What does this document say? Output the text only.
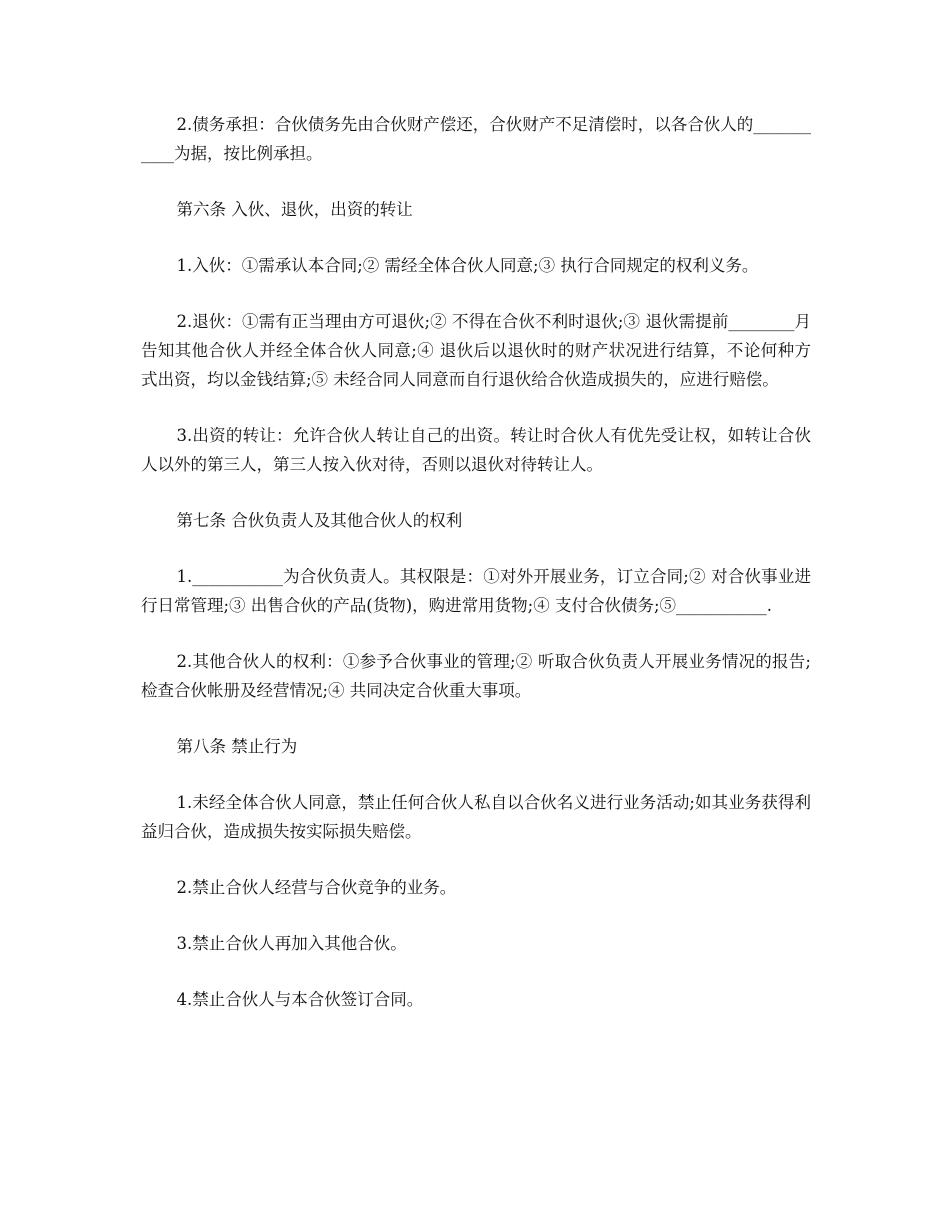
2.债务承担：合伙债务先由合伙财产偿还，合伙财产不足清偿时，以各合伙人的___________为据，按比例承担。

第六条 入伙、退伙，出资的转让

1.入伙：①需承认本合同;② 需经全体合伙人同意;③ 执行合同规定的权利义务。

2.退伙：①需有正当理由方可退伙;② 不得在合伙不利时退伙;③ 退伙需提前________月告知其他合伙人并经全体合伙人同意;④ 退伙后以退伙时的财产状况进行结算，不论何种方式出资，均以金钱结算;⑤ 未经合同人同意而自行退伙给合伙造成损失的，应进行赔偿。

3.出资的转让：允许合伙人转让自己的出资。转让时合伙人有优先受让权，如转让合伙人以外的第三人，第三人按入伙对待，否则以退伙对待转让人。

第七条 合伙负责人及其他合伙人的权利

1.___________为合伙负责人。其权限是：①对外开展业务，订立合同;② 对合伙事业进行日常管理;③ 出售合伙的产品(货物)，购进常用货物;④ 支付合伙债务;⑤___________.

2.其他合伙人的权利：①参予合伙事业的管理;② 听取合伙负责人开展业务情况的报告;检查合伙帐册及经营情况;④ 共同决定合伙重大事项。

第八条 禁止行为

1.未经全体合伙人同意，禁止任何合伙人私自以合伙名义进行业务活动;如其业务获得利益归合伙，造成损失按实际损失赔偿。

2.禁止合伙人经营与合伙竞争的业务。

3.禁止合伙人再加入其他合伙。

4.禁止合伙人与本合伙签订合同。
